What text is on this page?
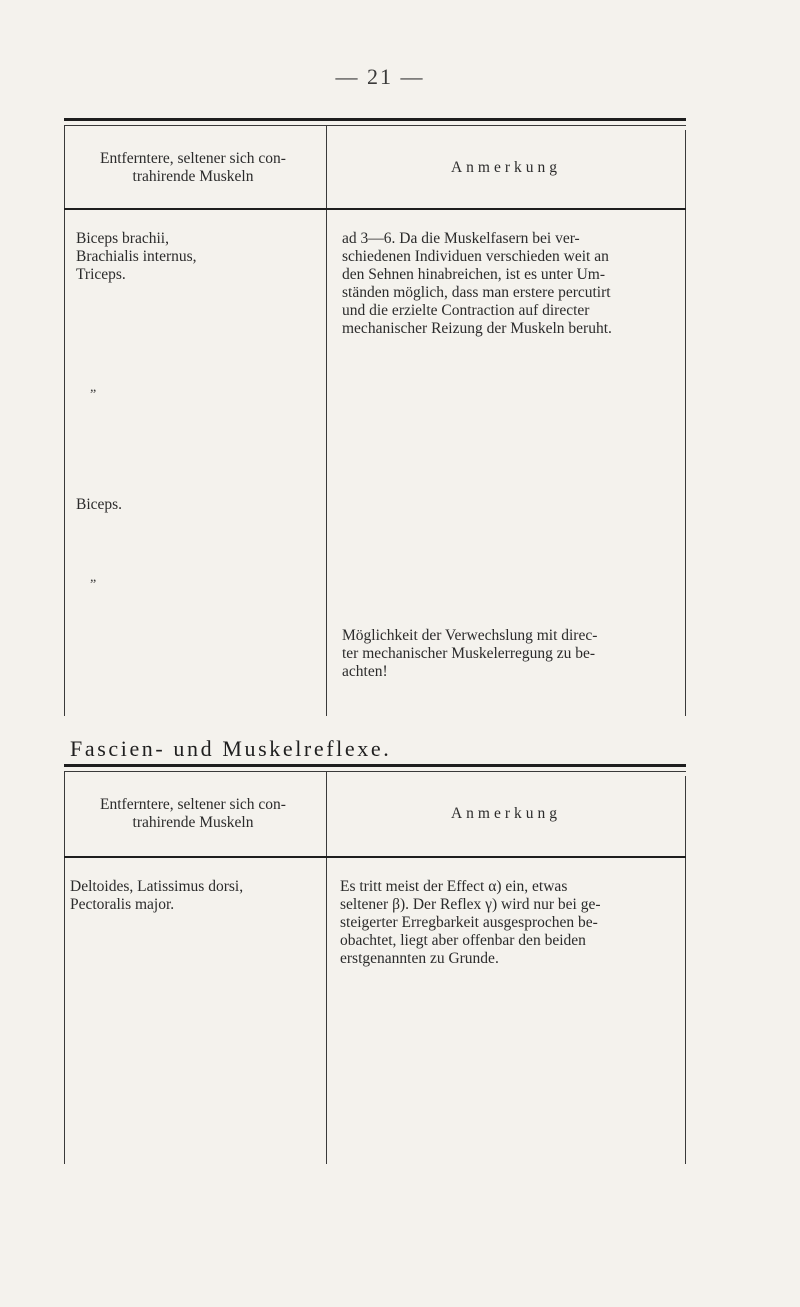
— 21 —
Entferntere, seltener sich con-
trahirende Muskeln
Anmerkung
Biceps brachii,
Brachialis internus,
Triceps.
ad 3—6. Da die Muskelfasern bei ver-
schiedenen Individuen verschieden weit an
den Sehnen hinabreichen, ist es unter Um-
ständen möglich, dass man erstere percutirt
und die erzielte Contraction auf directer
mechanischer Reizung der Muskeln beruht.
„
Biceps.
„
Möglichkeit der Verwechslung mit direc-
ter mechanischer Muskelerregung zu be-
achten!
Fascien- und Muskelreflexe.
Entferntere, seltener sich con-
trahirende Muskeln
Anmerkung
Deltoides, Latissimus dorsi,
Pectoralis major.
Es tritt meist der Effect α) ein, etwas
seltener β). Der Reflex γ) wird nur bei ge-
steigerter Erregbarkeit ausgesprochen be-
obachtet, liegt aber offenbar den beiden
erstgenannten zu Grunde.
